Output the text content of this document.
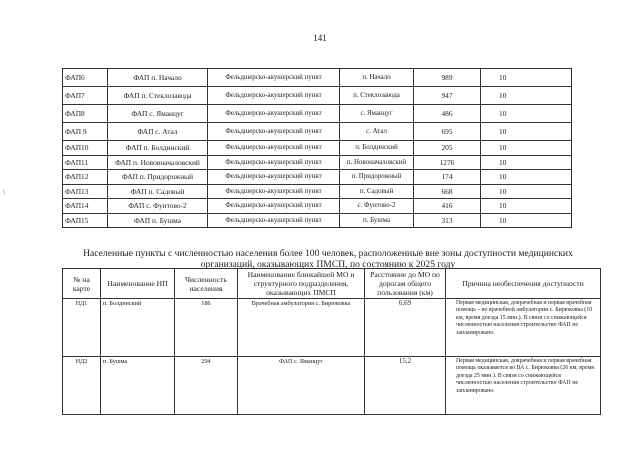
141
\
ФАП6	ФАП п. Начало	Фельдшерско-акушерский пункт	п. Начало	989	10
ФАП7	ФАП п. Стеклозавода	Фельдшерско-акушерский пункт	п. Стеклозавода	947	10
ФАП8	ФАП с. Яманцуг	Фельдшерско-акушерский пункт	с. Яманцуг	486	10
ФАП 9	ФАП с. Атал	Фельдшерско-акушерский пункт	с. Атал	695	10
ФАП10	ФАП п. Болдинский	Фельдшерско-акушерский пункт	п. Болдинский	205	10
ФАП11	ФАП п. Нововначаловский	Фельдшерско-акушерский пункт	п. Новоначаловский	1276	10
ФАП12	ФАП п. Придорожный	Фельдшерско-акушерский пункт	п. Придорожный	174	10
ФАП13	ФАП п. Садовый	Фельдшерско-акушерский пункт	п. Садовый	668	10
ФАП14	ФАП с. Фунтово-2	Фельдшерско-акушерский пункт	с. Фунтово-2	416	10
ФАП15	ФАП п. Бушма	Фельдшерско-акушерский пункт	п. Бушма	313	10
Населенные пункты с численностью населения более 100 человек, расположенные вне зоны доступности медицинских
организаций, оказывающих ПМСП, по состоянию к 2025 году
№ на карте	Наименование НП	Численность населения	Наименование ближайшей МО и структурного подразделения, оказывающих ПМСП	Расстояние до МО по дорогам общего пользования (км)	Причина необеспечения доступности
НД1	п. Болдинский	186	Врачебная амбулатория с. Бирюковка	6,69	Первая медицинская, доврачебная и первая врачебная помощь – во врачебной амбулатории с. Бирюковка (10 км, время доезда 15 мин.). В связи со снижающейся численностью населения строительство ФАП не запланировано.
НД2	п. Бушма	294	ФАП с. Яманцуг	15,2	Первая медицинская, доврачебная и первая врачебная помощь оказывается во ВА с. Бирюковка (26 км, время доезда 25 мин.). В связи со снижающейся численностью населения строительство ФАП не запланировано.
